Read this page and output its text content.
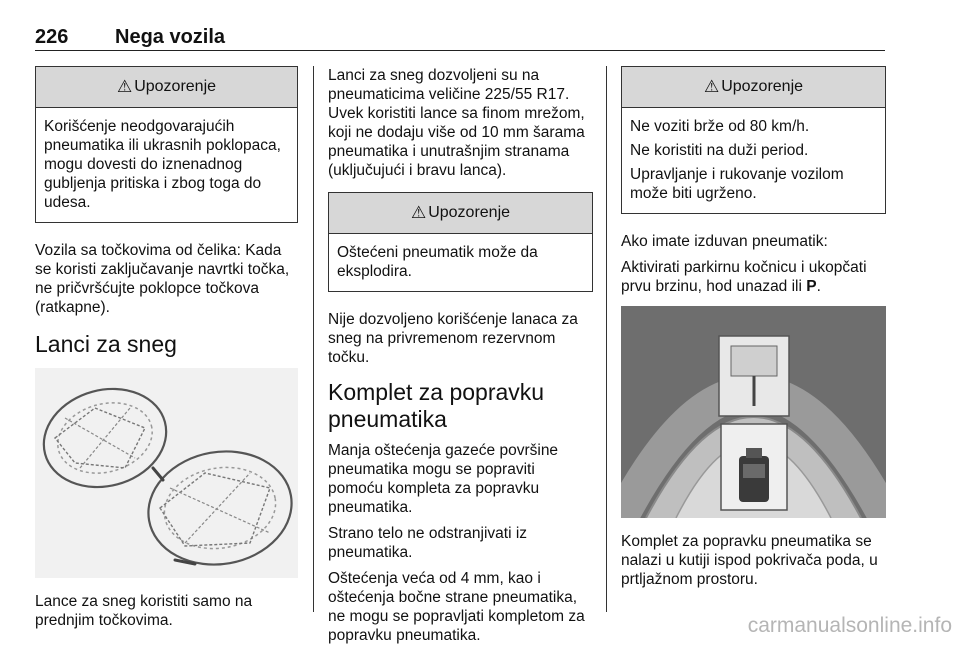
226 Nega vozila
⚠ Upozorenje

Korišćenje neodgovarajućih pneumatika ili ukrasnih poklopaca, mogu dovesti do iznenadnog gubljenja pritiska i zbog toga do udesa.

Vozila sa točkovima od čelika: Kada se koristi zaključavanje navrtki točka, ne pričvršćujte poklopce točkova (ratkapne).

Lanci za sneg

Lance za sneg koristiti samo na prednjim točkovima.

Lanci za sneg dozvoljeni su na pneumaticima veličine 225/55 R17. Uvek koristiti lance sa finom mrežom, koji ne dodaju više od 10 mm šarama pneumatika i unutrašnjim stranama (uključujući i bravu lanca).

⚠ Upozorenje

Oštećeni pneumatik može da eksplodira.

Nije dozvoljeno korišćenje lanaca za sneg na privremenom rezervnom točku.

Komplet za popravku pneumatika

Manja oštećenja gazeće površine pneumatika mogu se popraviti pomoću kompleta za popravku pneumatika.

Strano telo ne odstranjivati iz pneumatika.

Oštećenja veća od 4 mm, kao i oštećenja bočne strane pneumatika, ne mogu se popravljati kompletom za popravku pneumatika.

⚠ Upozorenje

Ne voziti brže od 80 km/h.

Ne koristiti na duži period.

Upravljanje i rukovanje vozilom može biti ugrženo.

Ako imate izduvan pneumatik:

Aktivirati parkirnu kočnicu i ukopčati prvu brzinu, hod unazad ili P.

Komplet za popravku pneumatika se nalazi u kutiji ispod pokrivača poda, u prtljažnom prostoru.

carmanualsonline.info
